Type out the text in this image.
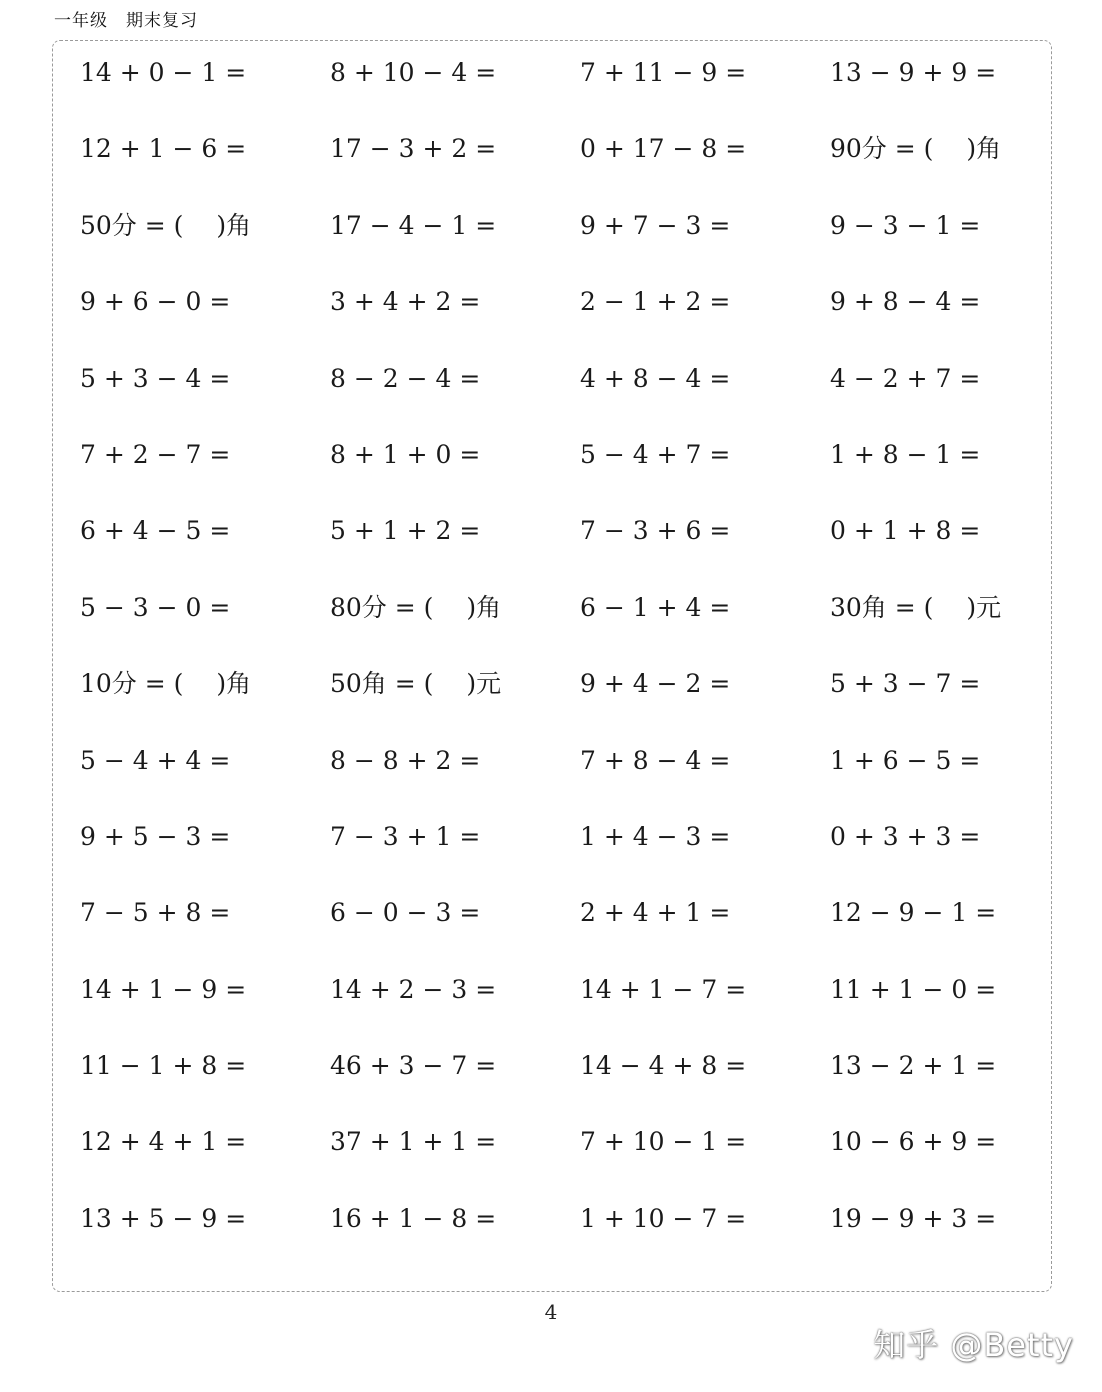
一年级　期末复习
14 + 0 − 1 =	8 + 10 − 4 =	7 + 11 − 9 =	13 − 9 + 9 =
12 + 1 − 6 =	17 − 3 + 2 =	0 + 17 − 8 =	90分 = (　 )角
50分 = (　 )角	17 − 4 − 1 =	9 + 7 − 3 =	9 − 3 − 1 =
9 + 6 − 0 =	3 + 4 + 2 =	2 − 1 + 2 =	9 + 8 − 4 =
5 + 3 − 4 =	8 − 2 − 4 =	4 + 8 − 4 =	4 − 2 + 7 =
7 + 2 − 7 =	8 + 1 + 0 =	5 − 4 + 7 =	1 + 8 − 1 =
6 + 4 − 5 =	5 + 1 + 2 =	7 − 3 + 6 =	0 + 1 + 8 =
5 − 3 − 0 =	80分 = (　 )角	6 − 1 + 4 =	30角 = (　 )元
10分 = (　 )角	50角 = (　 )元	9 + 4 − 2 =	5 + 3 − 7 =
5 − 4 + 4 =	8 − 8 + 2 =	7 + 8 − 4 =	1 + 6 − 5 =
9 + 5 − 3 =	7 − 3 + 1 =	1 + 4 − 3 =	0 + 3 + 3 =
7 − 5 + 8 =	6 − 0 − 3 =	2 + 4 + 1 =	12 − 9 − 1 =
14 + 1 − 9 =	14 + 2 − 3 =	14 + 1 − 7 =	11 + 1 − 0 =
11 − 1 + 8 =	46 + 3 − 7 =	14 − 4 + 8 =	13 − 2 + 1 =
12 + 4 + 1 =	37 + 1 + 1 =	7 + 10 − 1 =	10 − 6 + 9 =
13 + 5 − 9 =	16 + 1 − 8 =	1 + 10 − 7 =	19 − 9 + 3 =
4
知乎 @Betty
